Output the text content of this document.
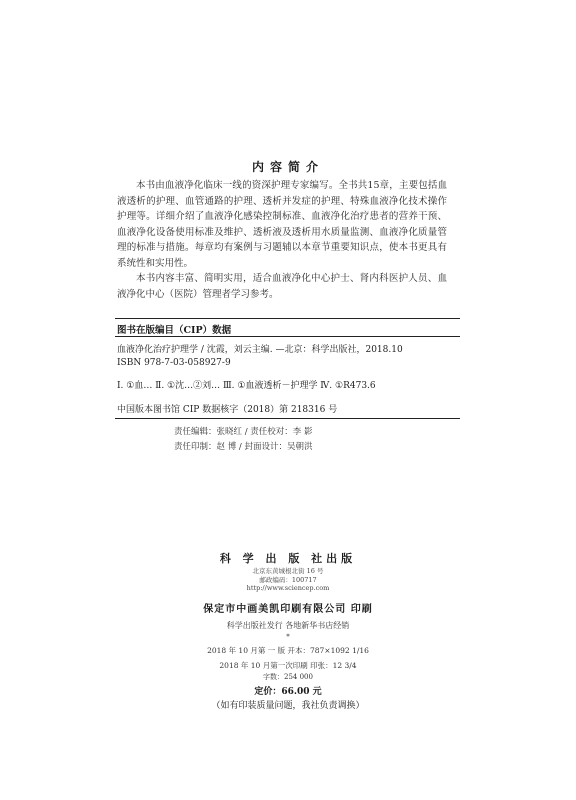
内容简介

本书由血液净化临床一线的资深护理专家编写。全书共15章，主要包括血液透析的护理、血管通路的护理、透析并发症的护理、特殊血液净化技术操作护理等。详细介绍了血液净化感染控制标准、血液净化治疗患者的营养干预、血液净化设备使用标准及维护、透析液及透析用水质量监测、血液净化质量管理的标准与措施。每章均有案例与习题辅以本章节重要知识点，使本书更具有系统性和实用性。

本书内容丰富、简明实用，适合血液净化中心护士、肾内科医护人员、血液净化中心（医院）管理者学习参考。

图书在版编目（CIP）数据
血液净化治疗护理学 / 沈霞，刘云主编. —北京：科学出版社，2018.10
ISBN 978-7-03-058927-9
Ⅰ. ①血… Ⅱ. ①沈…②刘… Ⅲ. ①血液透析－护理学 Ⅳ. ①R473.6
中国版本图书馆 CIP 数据核字（2018）第 218316 号
责任编辑：张晓红 / 责任校对：李 影
责任印制：赵 博 / 封面设计：吴朝洪
科 学 出 版 社出版
北京东黄城根北街 16 号
邮政编码：100717
http://www.sciencep.com
保定市中画美凯印刷有限公司 印刷
科学出版社发行 各地新华书店经销
*
2018 年 10 月第 一 版 开本：787×1092 1/16
2018 年 10 月第一次印刷 印张：12 3/4
字数：254 000
定价：66.00 元
（如有印装质量问题，我社负责调换）
